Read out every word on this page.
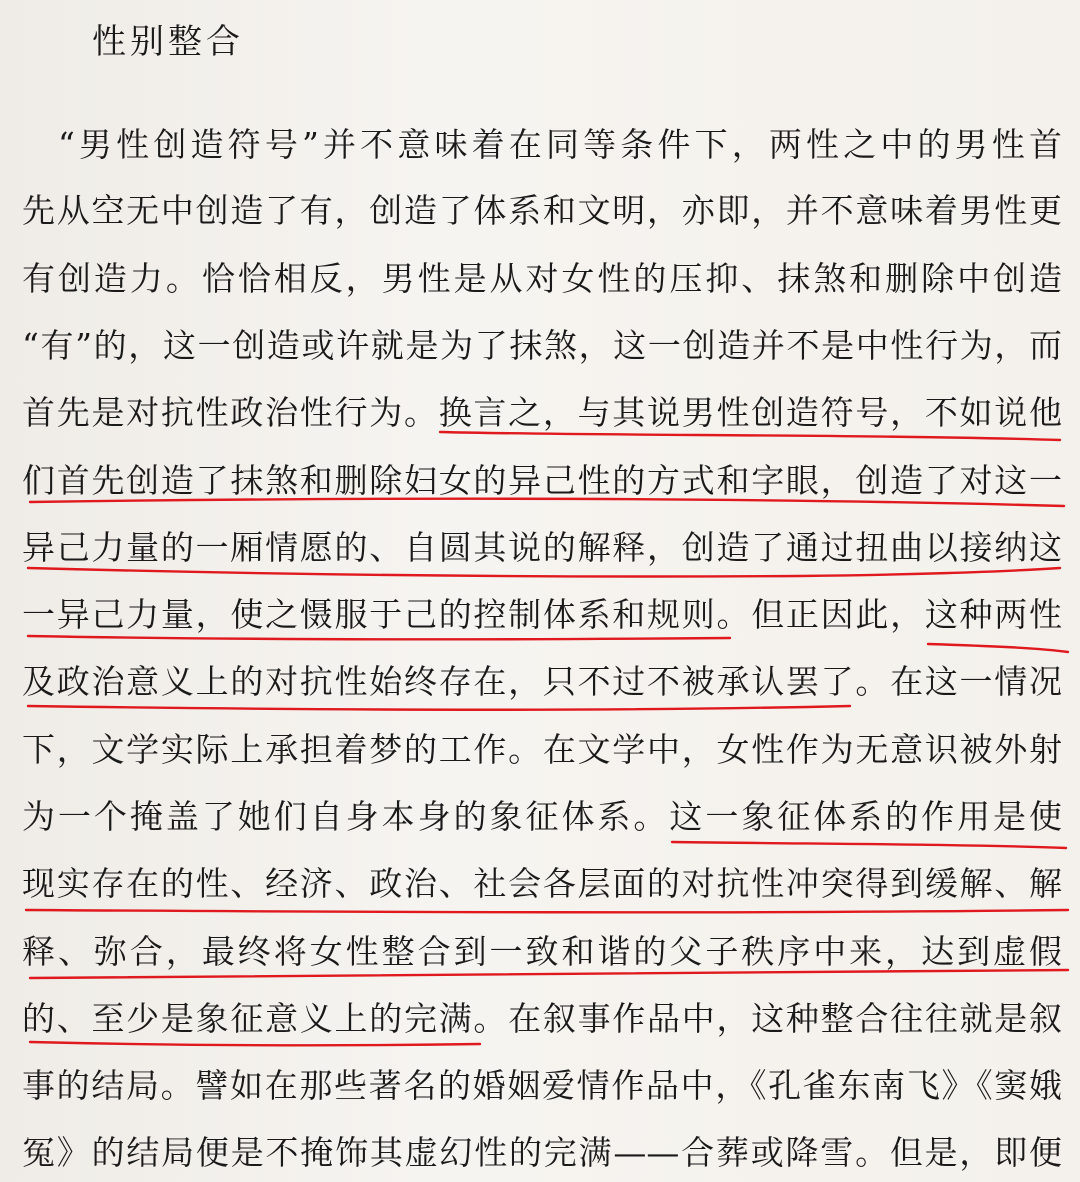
性别整合
“男性创造符号”并不意味着在同等条件下，两性之中的男性首
先从空无中创造了有，创造了体系和文明，亦即，并不意味着男性更
有创造力。恰恰相反，男性是从对女性的压抑、抹煞和删除中创造
“有”的，这一创造或许就是为了抹煞，这一创造并不是中性行为，而
首先是对抗性政治性行为。换言之，与其说男性创造符号，不如说他
们首先创造了抹煞和删除妇女的异己性的方式和字眼，创造了对这一
异己力量的一厢情愿的、自圆其说的解释，创造了通过扭曲以接纳这
一异己力量，使之慑服于己的控制体系和规则。但正因此，这种两性
及政治意义上的对抗性始终存在，只不过不被承认罢了。在这一情况
下，文学实际上承担着梦的工作。在文学中，女性作为无意识被外射
为一个掩盖了她们自身本身的象征体系。这一象征体系的作用是使
现实存在的性、经济、政治、社会各层面的对抗性冲突得到缓解、解
释、弥合，最终将女性整合到一致和谐的父子秩序中来，达到虚假
的、至少是象征意义上的完满。在叙事作品中，这种整合往往就是叙
事的结局。譬如在那些著名的婚姻爱情作品中，《孔雀东南飞》《窦娥
冤》的结局便是不掩饰其虚幻性的完满——合葬或降雪。但是，即便
